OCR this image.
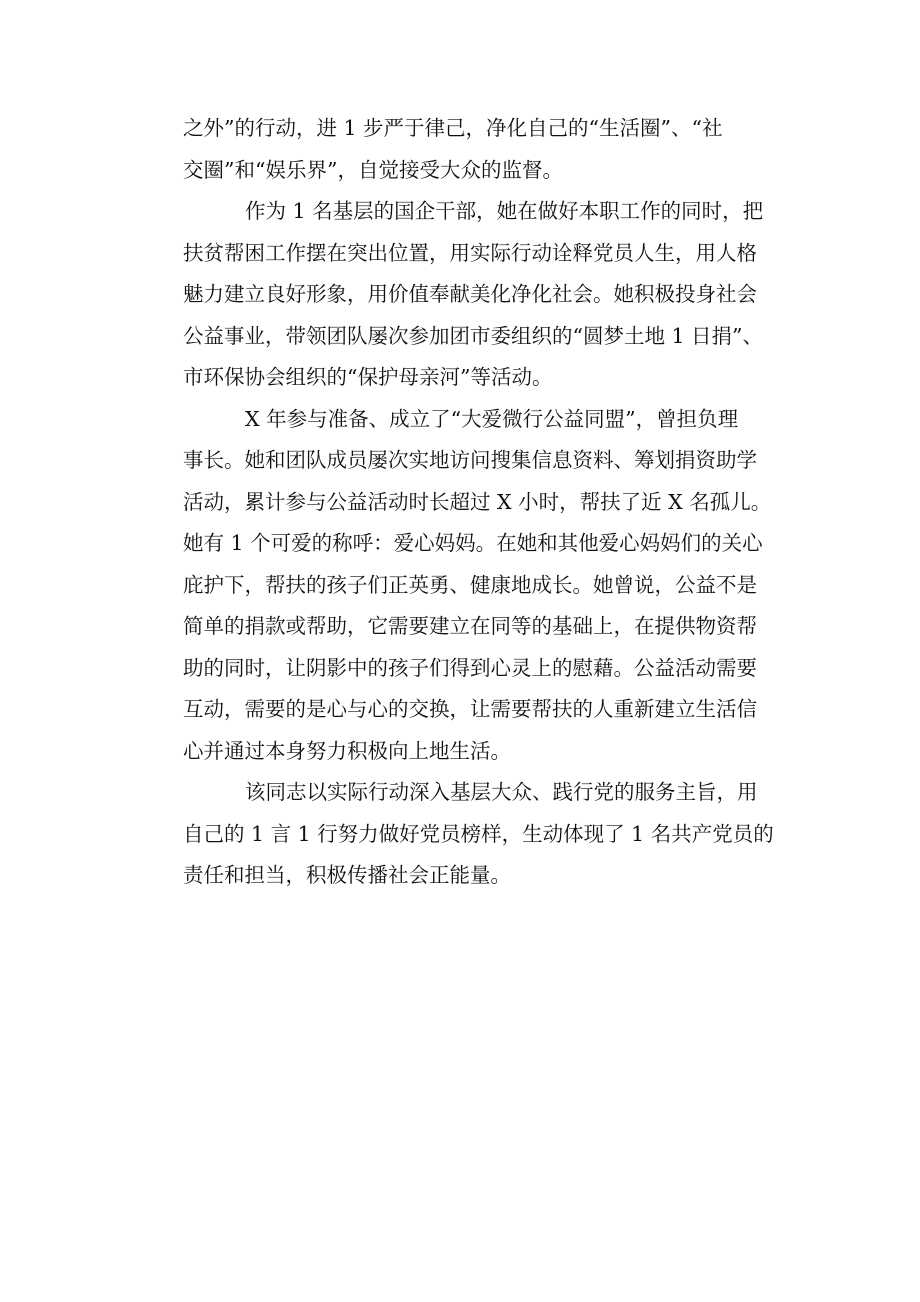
之外”的行动，进 1 步严于律己，净化自己的“生活圈”、“社
交圈”和“娱乐界”，自觉接受大众的监督。
作为 1 名基层的国企干部，她在做好本职工作的同时，把
扶贫帮困工作摆在突出位置，用实际行动诠释党员人生，用人格
魅力建立良好形象，用价值奉献美化净化社会。她积极投身社会
公益事业，带领团队屡次参加团市委组织的“圆梦土地 1 日捐”、
市环保协会组织的“保护母亲河”等活动。
X 年参与准备、成立了“大爱微行公益同盟”，曾担负理
事长。她和团队成员屡次实地访问搜集信息资料、筹划捐资助学
活动，累计参与公益活动时长超过 X 小时，帮扶了近 X 名孤儿。
她有 1 个可爱的称呼：爱心妈妈。在她和其他爱心妈妈们的关心
庇护下，帮扶的孩子们正英勇、健康地成长。她曾说，公益不是
简单的捐款或帮助，它需要建立在同等的基础上，在提供物资帮
助的同时，让阴影中的孩子们得到心灵上的慰藉。公益活动需要
互动，需要的是心与心的交换，让需要帮扶的人重新建立生活信
心并通过本身努力积极向上地生活。
该同志以实际行动深入基层大众、践行党的服务主旨，用
自己的 1 言 1 行努力做好党员榜样，生动体现了 1 名共产党员的
责任和担当，积极传播社会正能量。
